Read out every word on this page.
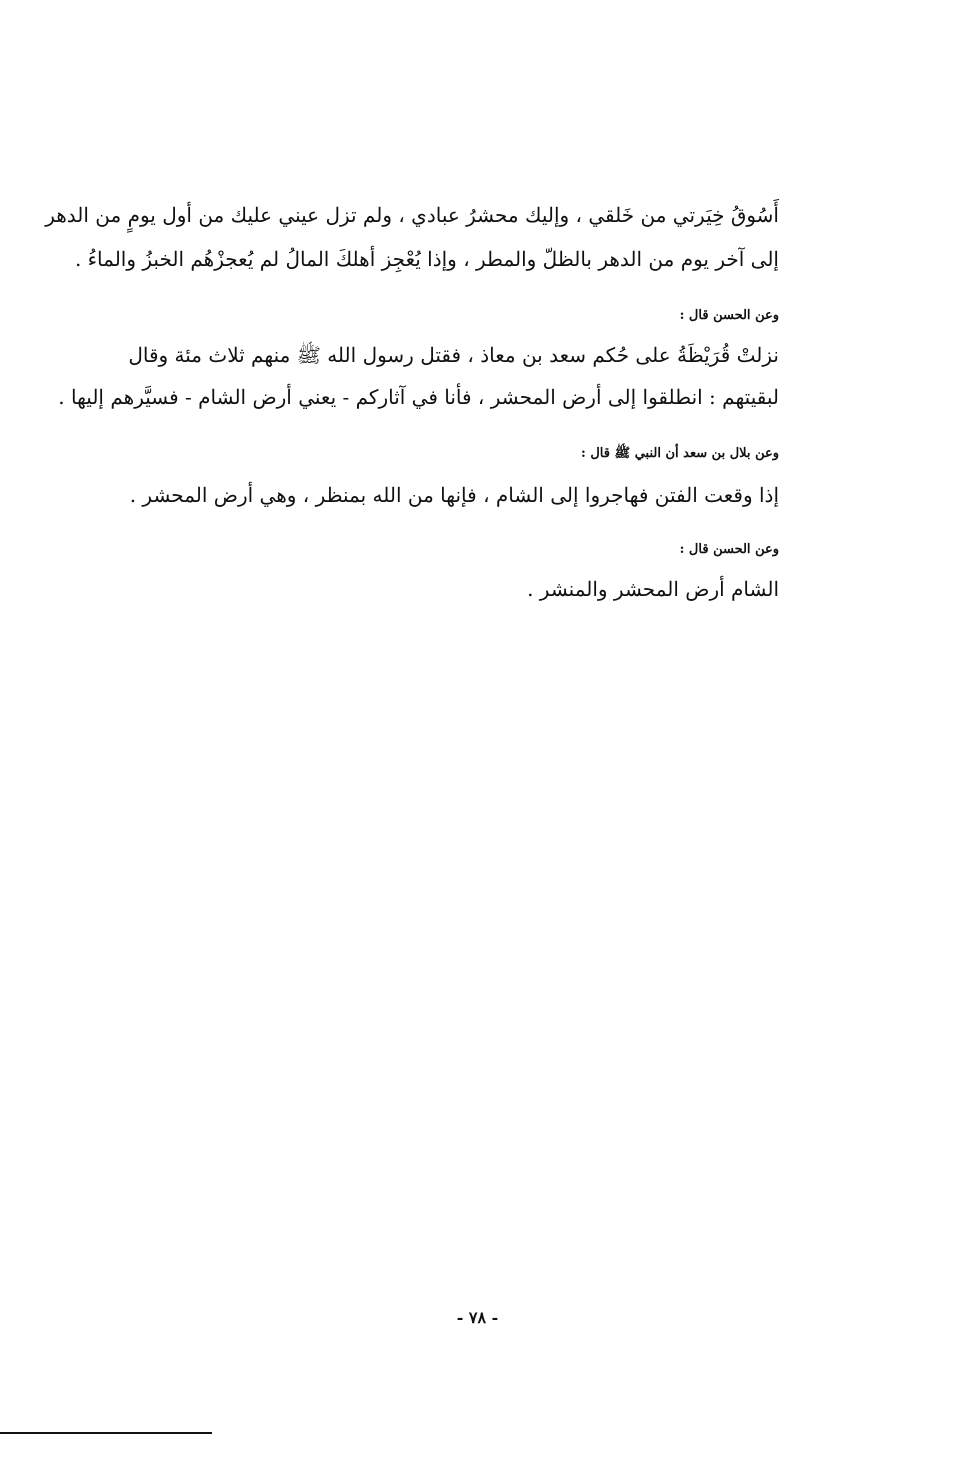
أَسُوقُ خِيَرتي من خَلقي ، وإليك محشرُ عبادي ، ولم تزل عيني عليك من أول يومٍ من الدهر
إلى آخر يوم من الدهر بالظلّ والمطر ، وإذا يُعْجِز أهلكَ المالُ لم يُعجزْهُم الخبزُ والماءُ .
وعن الحسن قال :
نزلتْ قُرَيْظَةُ على حُكم سعد بن معاذ ، فقتل رسول الله ﷺ منهم ثلاث مئة وقال
لبقيتهم : انطلقوا إلى أرض المحشر ، فأنا في آثاركم - يعني أرض الشام - فسيَّرهم إليها .
وعن بلال بن سعد أن النبي ﷺ قال :
إذا وقعت الفتن فهاجروا إلى الشام ، فإنها من الله بمنظر ، وهي أرض المحشر .
وعن الحسن قال :
الشام أرض المحشر والمنشر .
- ٧٨ -
